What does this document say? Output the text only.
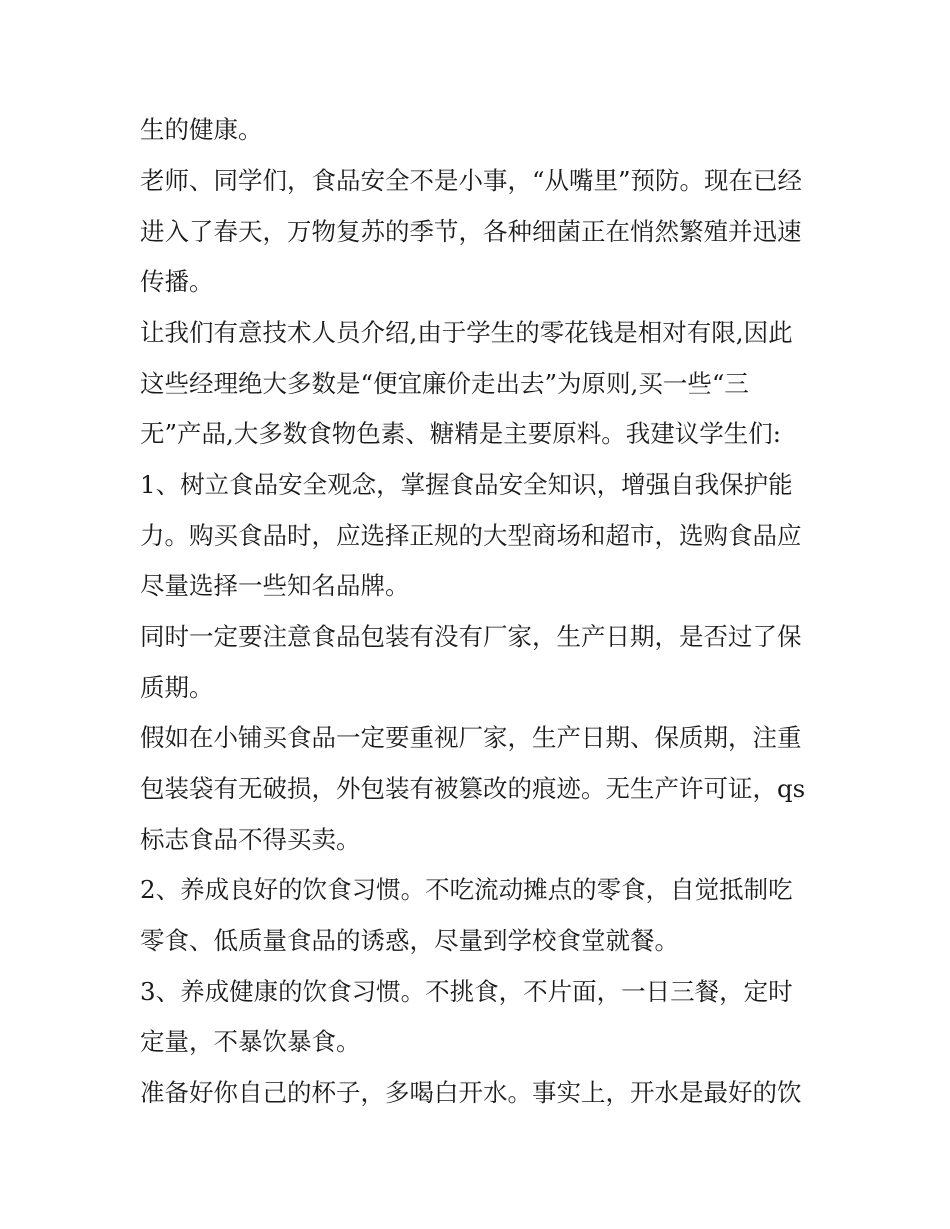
生的健康。

老师、同学们，食品安全不是小事，“从嘴里”预防。现在已经

进入了春天，万物复苏的季节，各种细菌正在悄然繁殖并迅速

传播。

让我们有意技术人员介绍,由于学生的零花钱是相对有限,因此

这些经理绝大多数是“便宜廉价走出去”为原则,买一些“三

无”产品,大多数食物色素、糖精是主要原料。我建议学生们:

1、树立食品安全观念，掌握食品安全知识，增强自我保护能

力。购买食品时，应选择正规的大型商场和超市，选购食品应

尽量选择一些知名品牌。

同时一定要注意食品包装有没有厂家，生产日期，是否过了保

质期。

假如在小铺买食品一定要重视厂家，生产日期、保质期，注重

包装袋有无破损，外包装有被篡改的痕迹。无生产许可证，qs

标志食品不得买卖。

2、养成良好的饮食习惯。不吃流动摊点的零食，自觉抵制吃

零食、低质量食品的诱惑，尽量到学校食堂就餐。

3、养成健康的饮食习惯。不挑食，不片面，一日三餐，定时

定量，不暴饮暴食。

准备好你自己的杯子，多喝白开水。事实上，开水是最好的饮
